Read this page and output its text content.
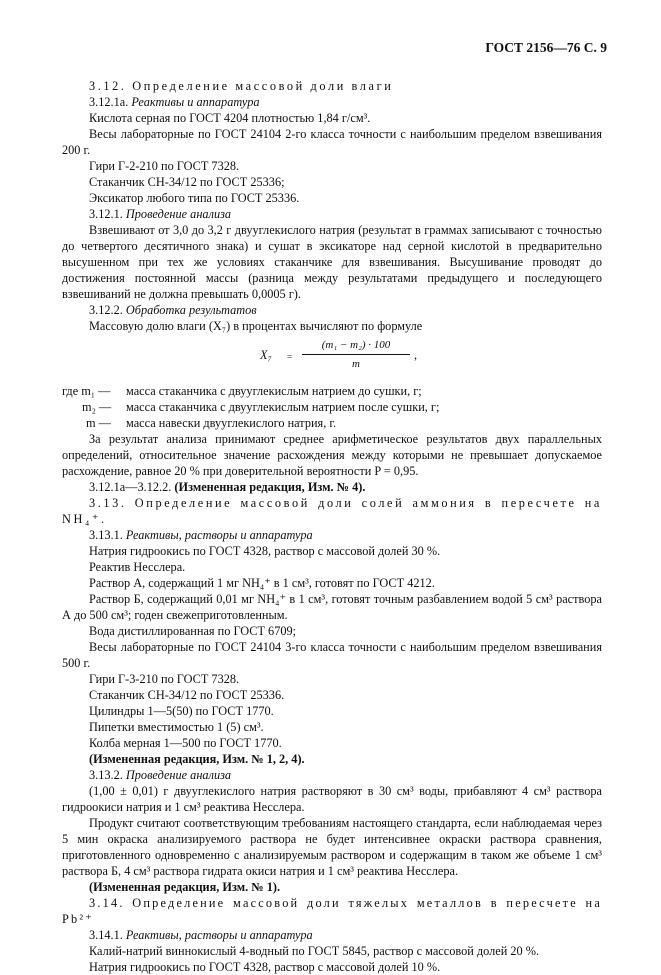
ГОСТ 2156—76 С. 9

3.12. Определение массовой доли влаги

3.12.1а. Реактивы и аппаратура

Кислота серная по ГОСТ 4204 плотностью 1,84 г/см³.

Весы лабораторные по ГОСТ 24104 2-го класса точности с наибольшим пределом взвешивания 200 г.

Гири Г-2-210 по ГОСТ 7328.

Стаканчик СН-34/12 по ГОСТ 25336;

Эксикатор любого типа по ГОСТ 25336.

3.12.1. Проведение анализа

Взвешивают от 3,0 до 3,2 г двууглекислого натрия (результат в граммах записывают с точностью до четвертого десятичного знака) и сушат в эксикаторе над серной кислотой в предварительно высушенном при тех же условиях стаканчике для взвешивания. Высушивание проводят до достижения постоянной массы (разница между результатами предыдущего и последующего взвешиваний не должна превышать 0,0005 г).

3.12.2. Обработка результатов

Массовую долю влаги (X₇) в процентах вычисляют по формуле

$X_7 = \frac{\text{(m₁ − m₂) · 100}}{m}$ ,
где m₁ —	масса стаканчика с двууглекислым натрием до сушки, г;
m₂ —	масса стаканчика с двууглекислым натрием после сушки, г;
m —	масса навески двууглекислого натрия, г.

За результат анализа принимают среднее арифметическое результатов двух параллельных определений, относительное значение расхождения между которыми не превышает допускаемое расхождение, равное 20 % при доверительной вероятности P = 0,95.

3.12.1а—3.12.2. (Измененная редакция, Изм. № 4).

3.13. Определение массовой доли солей аммония в пересчете на NH₄⁺.

3.13.1. Реактивы, растворы и аппаратура

Натрия гидроокись по ГОСТ 4328, раствор с массовой долей 30 %.

Реактив Несслера.

Раствор А, содержащий 1 мг NH₄⁺ в 1 см³, готовят по ГОСТ 4212.

Раствор Б, содержащий 0,01 мг NH₄⁺ в 1 см³, готовят точным разбавлением водой 5 см³ раствора А до 500 см³; годен свежеприготовленным.

Вода дистиллированная по ГОСТ 6709;

Весы лабораторные по ГОСТ 24104 3-го класса точности с наибольшим пределом взвешивания 500 г.

Гири Г-3-210 по ГОСТ 7328.

Стаканчик СН-34/12 по ГОСТ 25336.

Цилиндры 1—5(50) по ГОСТ 1770.

Пипетки вместимостью 1 (5) см³.

Колба мерная 1—500 по ГОСТ 1770.

(Измененная редакция, Изм. № 1, 2, 4).

3.13.2. Проведение анализа

(1,00 ± 0,01) г двууглекислого натрия растворяют в 30 см³ воды, прибавляют 4 см³ раствора гидроокиси натрия и 1 см³ реактива Несслера.

Продукт считают соответствующим требованиям настоящего стандарта, если наблюдаемая через 5 мин окраска анализируемого раствора не будет интенсивнее окраски раствора сравнения, приготовленного одновременно с анализируемым раствором и содержащим в таком же объеме 1 см³ раствора Б, 4 см³ раствора гидрата окиси натрия и 1 см³ реактива Несслера.

(Измененная редакция, Изм. № 1).

3.14. Определение массовой доли тяжелых металлов в пересчете на Pb²⁺

3.14.1. Реактивы, растворы и аппаратура

Калий-натрий виннокислый 4-водный по ГОСТ 5845, раствор с массовой долей 20 %.

Натрия гидроокись по ГОСТ 4328, раствор с массовой долей 10 %.
